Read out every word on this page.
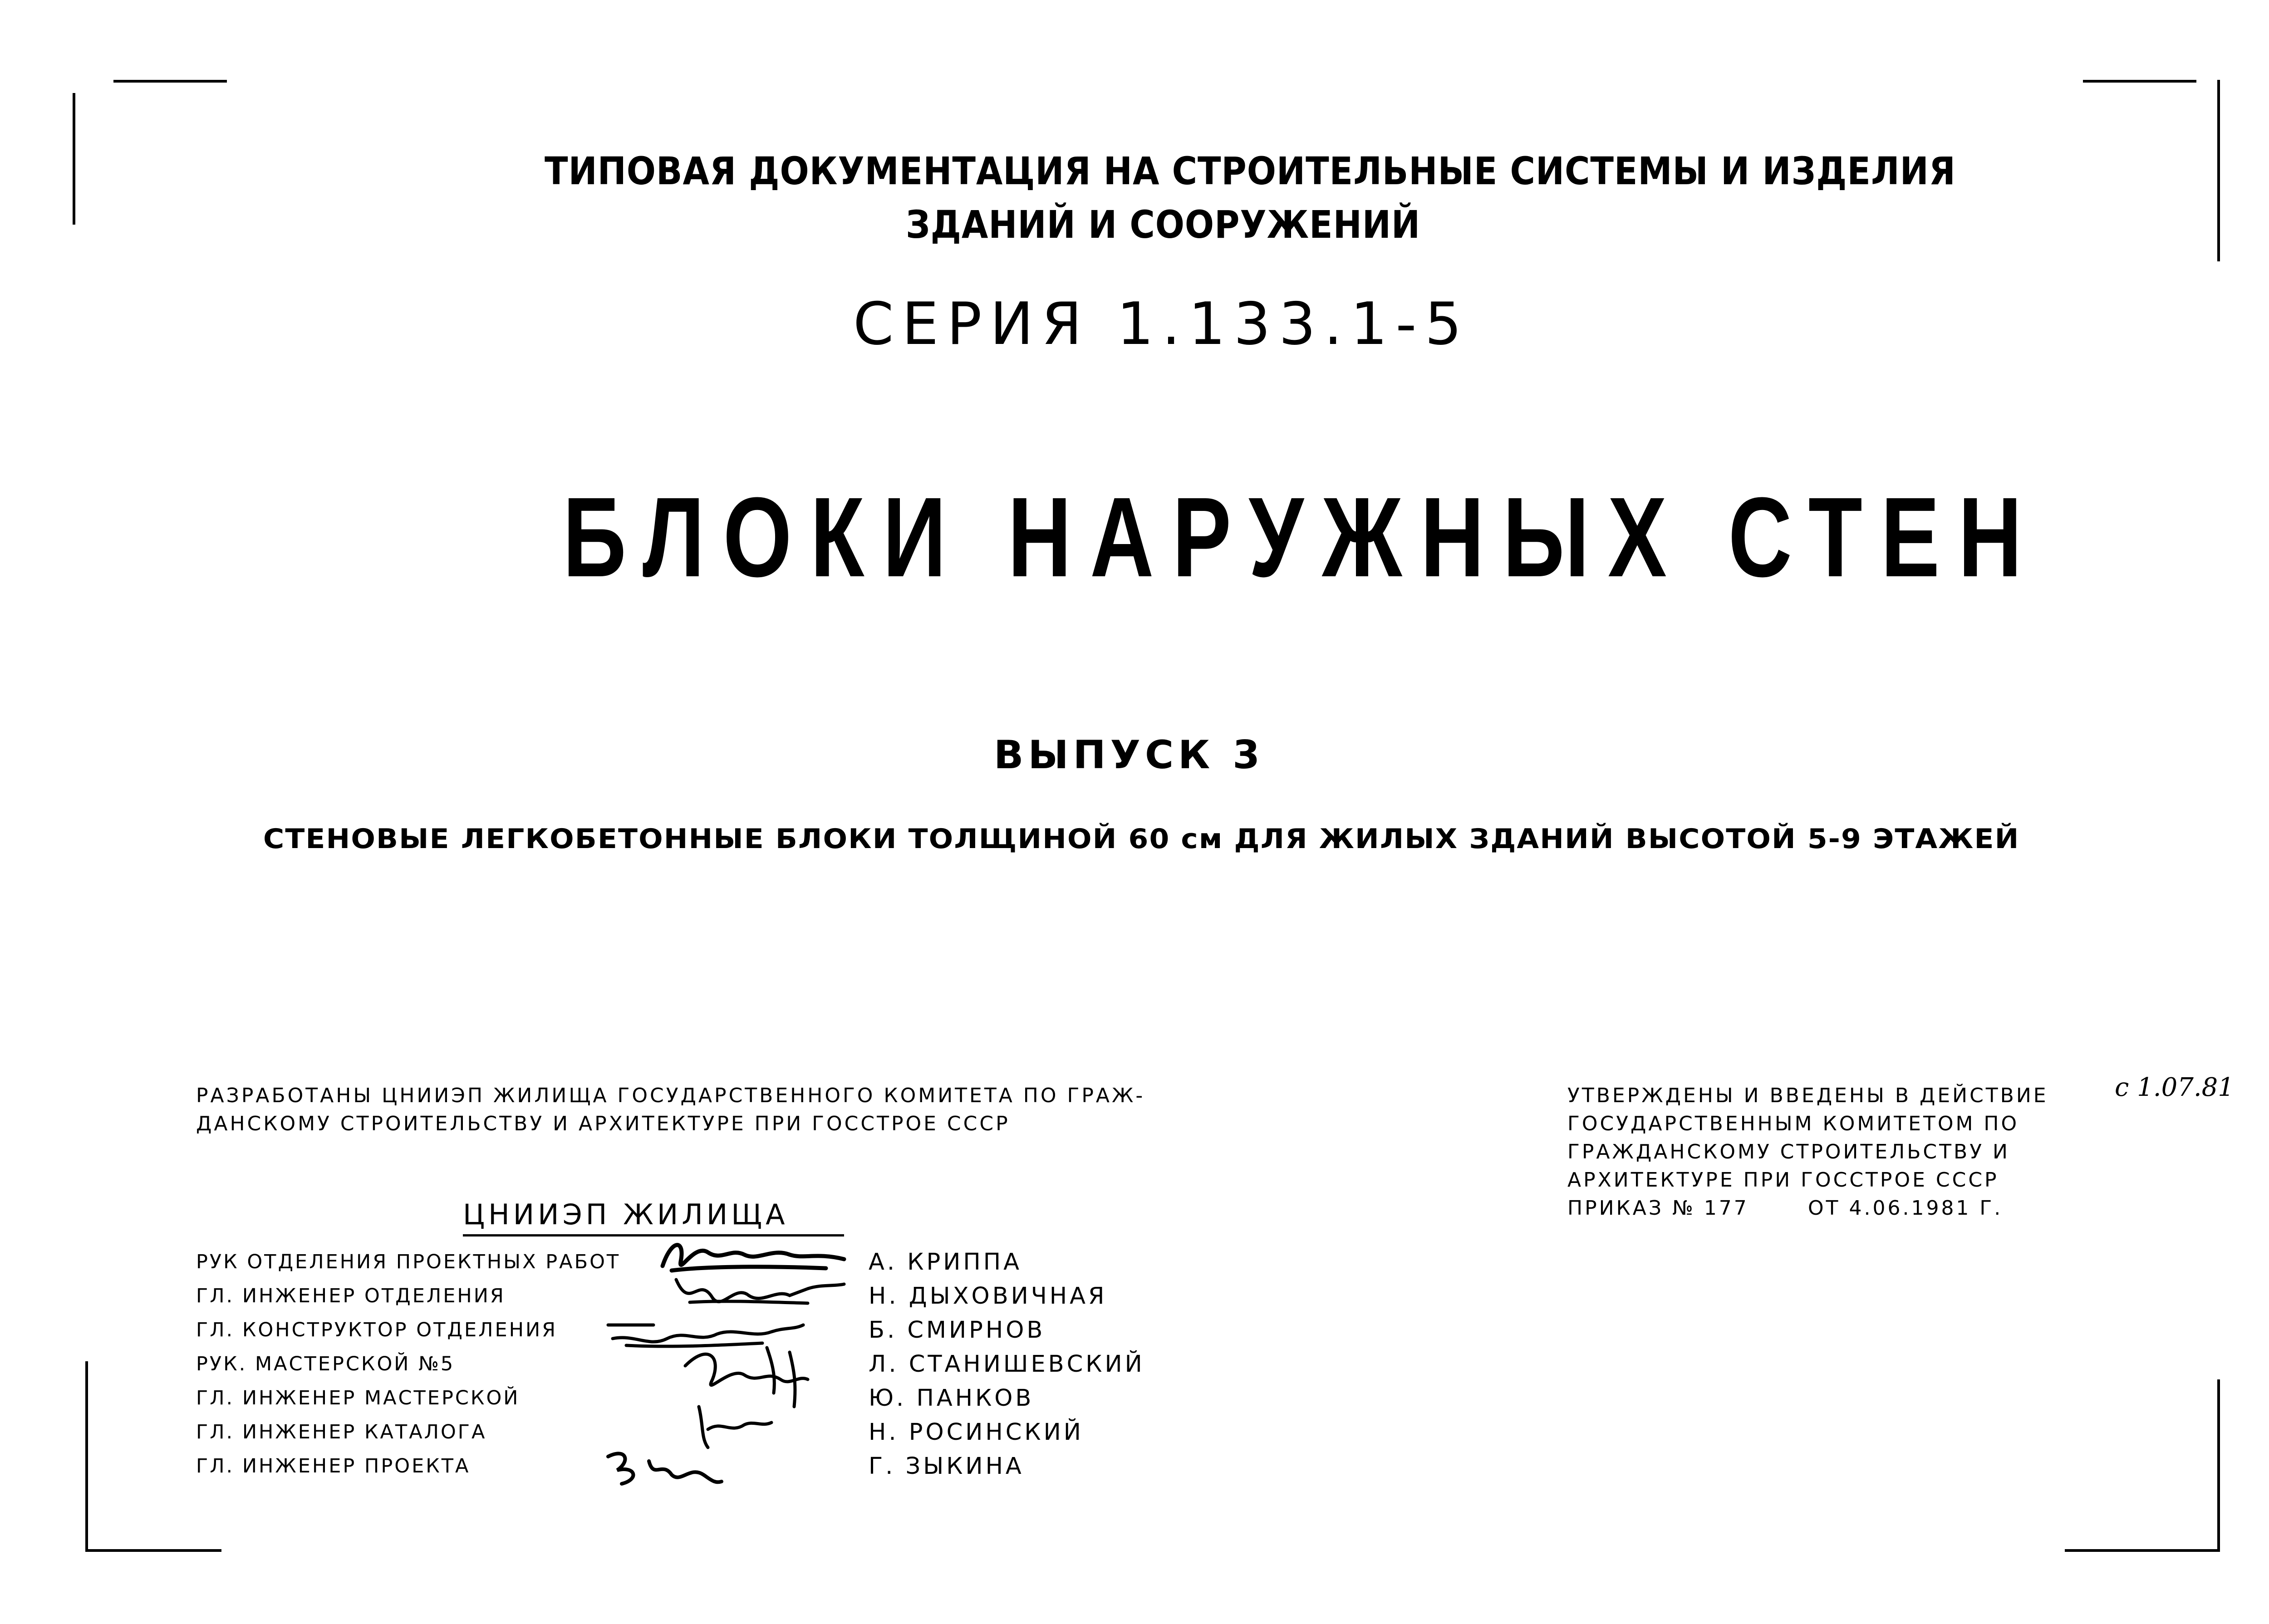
ТИПОВАЯ ДОКУМЕНТАЦИЯ НА СТРОИТЕЛЬНЫЕ СИСТЕМЫ И ИЗДЕЛИЯ
ЗДАНИЙ И СООРУЖЕНИЙ
СЕРИЯ 1.133.1-5
БЛОКИ НАРУЖНЫХ СТЕН
ВЫПУСК 3
СТЕНОВЫЕ ЛЕГКОБЕТОННЫЕ БЛОКИ ТОЛЩИНОЙ 60 см ДЛЯ ЖИЛЫХ ЗДАНИЙ ВЫСОТОЙ 5-9 ЭТАЖЕЙ
РАЗРАБОТАНЫ ЦНИИЭП ЖИЛИЩА ГОСУДАРСТВЕННОГО КОМИТЕТА ПО ГРАЖ-
ДАНСКОМУ СТРОИТЕЛЬСТВУ И АРХИТЕКТУРЕ ПРИ ГОССТРОЕ СССР
УТВЕРЖДЕНЫ И ВВЕДЕНЫ В ДЕЙСТВИЕ	с 1.07.81
ГОСУДАРСТВЕННЫМ КОМИТЕТОМ ПО
ГРАЖДАНСКОМУ СТРОИТЕЛЬСТВУ И
АРХИТЕКТУРЕ ПРИ ГОССТРОЕ СССР
ПРИКАЗ № 177	ОТ 4.06.1981 Г.
ЦНИИЭП ЖИЛИЩА
РУК ОТДЕЛЕНИЯ ПРОЕКТНЫХ РАБОТ	А. КРИППА
ГЛ. ИНЖЕНЕР ОТДЕЛЕНИЯ	Н. ДЫХОВИЧНАЯ
ГЛ. КОНСТРУКТОР ОТДЕЛЕНИЯ	Б. СМИРНОВ
РУК. МАСТЕРСКОЙ №5	Л. СТАНИШЕВСКИЙ
ГЛ. ИНЖЕНЕР МАСТЕРСКОЙ	Ю. ПАНКОВ
ГЛ. ИНЖЕНЕР КАТАЛОГА	Н. РОСИНСКИЙ
ГЛ. ИНЖЕНЕР ПРОЕКТА	Г. ЗЫКИНА
